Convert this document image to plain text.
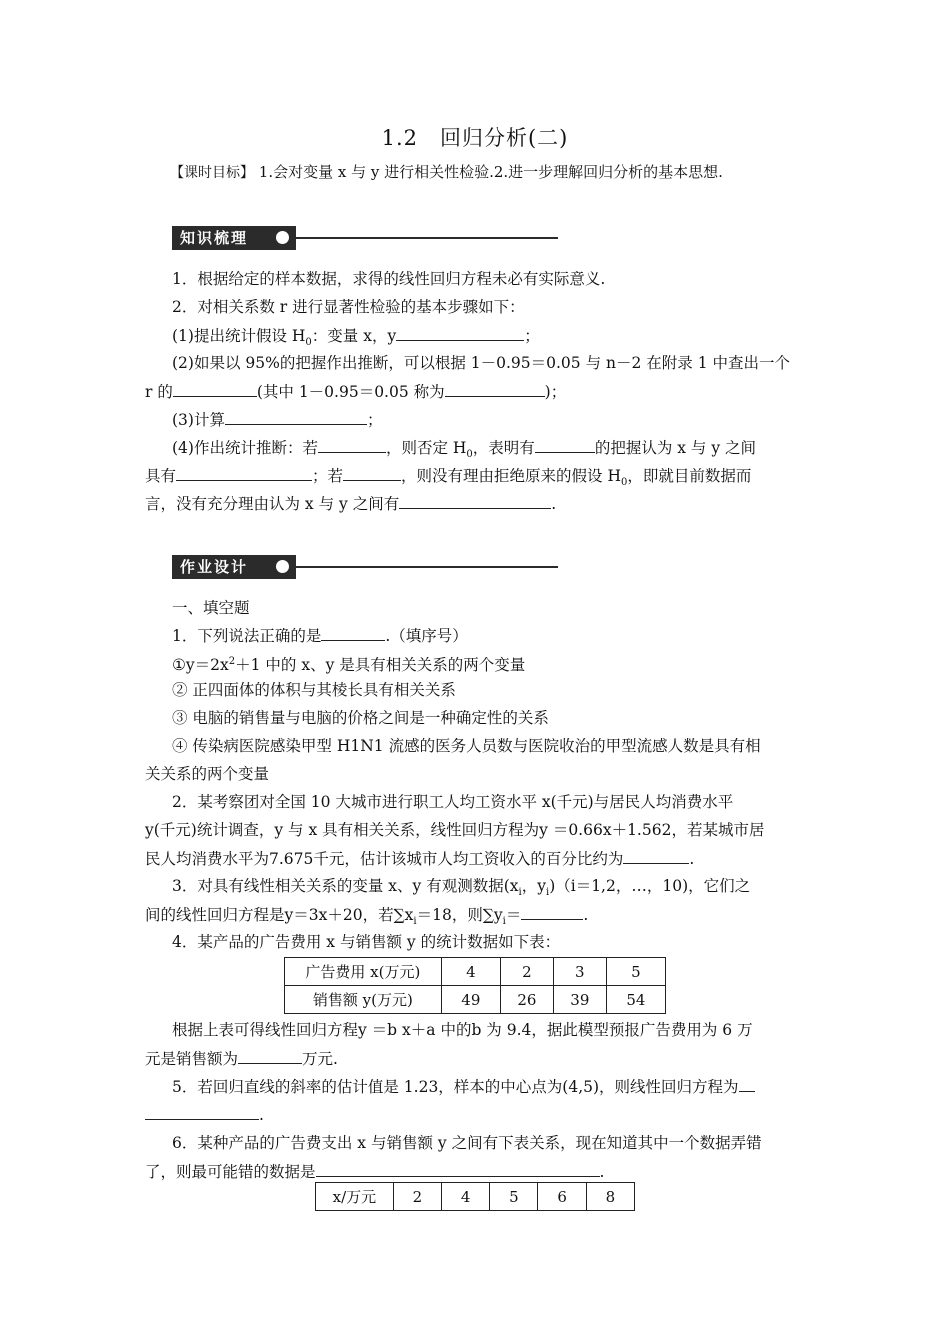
1.2　回归分析(二)
【课时目标】 1.会对变量 x 与 y 进行相关性检验.2.进一步理解回归分析的基本思想.
知识梳理
1．根据给定的样本数据，求得的线性回归方程未必有实际意义.
2．对相关系数 r 进行显著性检验的基本步骤如下：
(1)提出统计假设 $H_0$：变量 x，y	；
(2)如果以 95%的把握作出推断，可以根据 1－0.95＝0.05 与 n－2 在附录 1 中查出一个
r 的	(其中 1－0.95＝0.05 称为	)；
(3)计算	；
(4)作出统计推断：若	，则否定 $H_0$，表明有	的把握认为 x 与 y 之间
具有	；若	，则没有理由拒绝原来的假设 $H_0$，即就目前数据而
言，没有充分理由认为 x 与 y 之间有	.
作业设计
一、填空题
1．下列说法正确的是	.（填序号）
$①y=2x^2+1$ 中的 x、y 是具有相关关系的两个变量
② 正四面体的体积与其棱长具有相关关系
③ 电脑的销售量与电脑的价格之间是一种确定性的关系
④ 传染病医院感染甲型 H1N1 流感的医务人员数与医院收治的甲型流感人数是具有相
关关系的两个变量
2．某考察团对全国 10 大城市进行职工人均工资水平 x(千元)与居民人均消费水平
y(千元)统计调查，y 与 x 具有相关关系，线性回归方程为y ＝0.66x＋1.562，若某城市居
民人均消费水平为7.675千元，估计该城市人均工资收入的百分比约为	.
3．对具有线性相关关系的变量 x、y 有观测数据($x_i$，$y_i)(i=1,2$，…，10)，它们之
间的线性回归方程是y＝3x＋20，若$\sum x_i=18$，则$\sum y_i=$	.
4．某产品的广告费用 x 与销售额 y 的统计数据如下表：
广告费用 x(万元)	4	2	3	5
销售额 y(万元)	49	26	39	54
根据上表可得线性回归方程y ＝b x＋a 中的b 为 9.4，据此模型预报广告费用为 6 万
元是销售额为	万元.
5．若回归直线的斜率的估计值是 1.23，样本的中心点为(4,5)，则线性回归方程为
.
6．某种产品的广告费支出 x 与销售额 y 之间有下表关系，现在知道其中一个数据弄错
了，则最可能错的数据是	.
x/万元	2	4	5	6	8
